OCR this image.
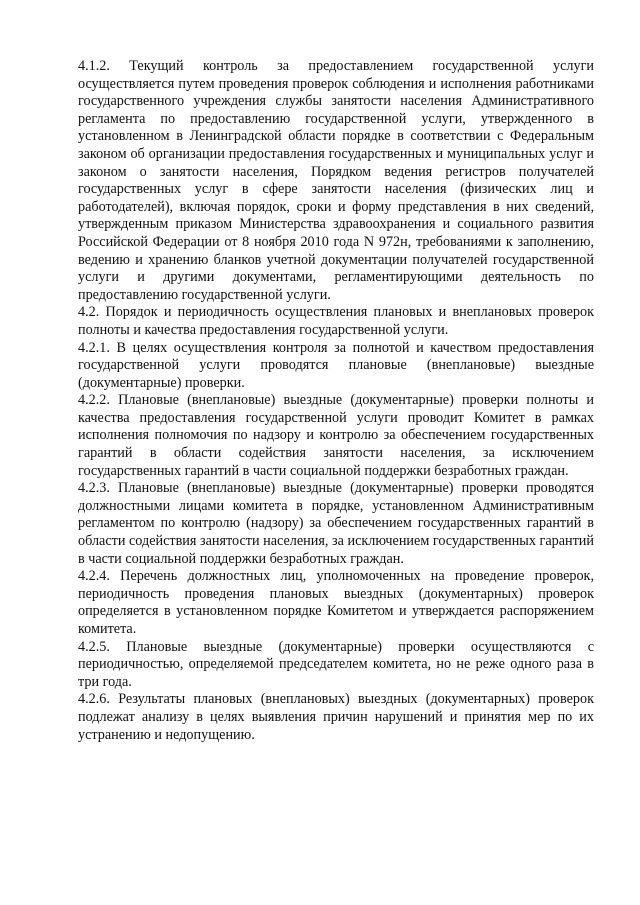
4.1.2. Текущий контроль за предоставлением государственной услуги осуществляется путем проведения проверок соблюдения и исполнения работниками государственного учреждения службы занятости населения Административного регламента по предоставлению государственной услуги, утвержденного в установленном в Ленинградской области порядке в соответствии с Федеральным законом об организации предоставления государственных и муниципальных услуг и законом о занятости населения, Порядком ведения регистров получателей государственных услуг в сфере занятости населения (физических лиц и работодателей), включая порядок, сроки и форму представления в них сведений, утвержденным приказом Министерства здравоохранения и социального развития Российской Федерации от 8 ноября 2010 года N 972н, требованиями к заполнению, ведению и хранению бланков учетной документации получателей государственной услуги и другими документами, регламентирующими деятельность по предоставлению государственной услуги.

4.2. Порядок и периодичность осуществления плановых и внеплановых проверок полноты и качества предоставления государственной услуги.

4.2.1. В целях осуществления контроля за полнотой и качеством предоставления государственной услуги проводятся плановые (внеплановые) выездные (документарные) проверки.

4.2.2. Плановые (внеплановые) выездные (документарные) проверки полноты и качества предоставления государственной услуги проводит Комитет в рамках исполнения полномочия по надзору и контролю за обеспечением государственных гарантий в области содействия занятости населения, за исключением государственных гарантий в части социальной поддержки безработных граждан.

4.2.3. Плановые (внеплановые) выездные (документарные) проверки проводятся должностными лицами комитета в порядке, установленном Административным регламентом по контролю (надзору) за обеспечением государственных гарантий в области содействия занятости населения, за исключением государственных гарантий в части социальной поддержки безработных граждан.

4.2.4. Перечень должностных лиц, уполномоченных на проведение проверок, периодичность проведения плановых выездных (документарных) проверок определяется в установленном порядке Комитетом и утверждается распоряжением комитета.

4.2.5. Плановые выездные (документарные) проверки осуществляются с периодичностью, определяемой председателем комитета, но не реже одного раза в три года.

4.2.6. Результаты плановых (внеплановых) выездных (документарных) проверок подлежат анализу в целях выявления причин нарушений и принятия мер по их устранению и недопущению.
